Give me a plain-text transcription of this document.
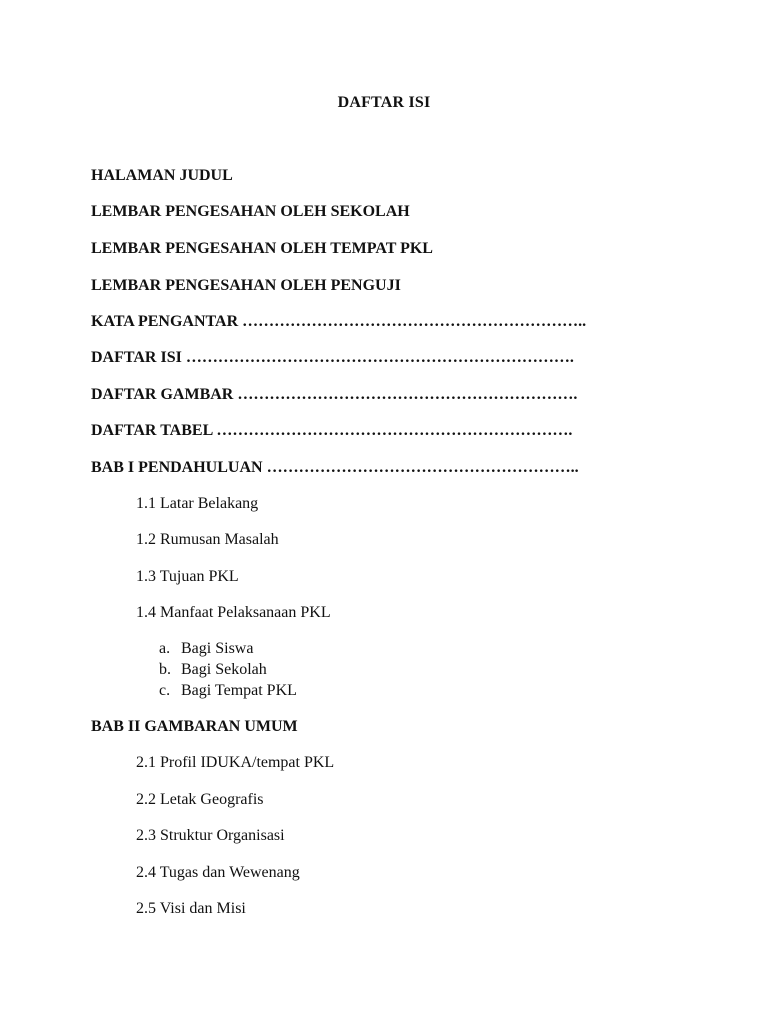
DAFTAR ISI
HALAMAN JUDUL
LEMBAR PENGESAHAN OLEH SEKOLAH
LEMBAR PENGESAHAN OLEH TEMPAT PKL
LEMBAR PENGESAHAN OLEH PENGUJI
KATA PENGANTAR ………………………………………………………..
DAFTAR ISI ……………………………………………………………….
DAFTAR GAMBAR ……………………………………………………….
DAFTAR TABEL ………………………………………………………….
BAB I PENDAHULUAN …………………………………………………..
1.1 Latar Belakang
1.2 Rumusan Masalah
1.3 Tujuan PKL
1.4 Manfaat Pelaksanaan PKL
a. Bagi Siswa
b. Bagi Sekolah
c. Bagi Tempat PKL
BAB II GAMBARAN UMUM
2.1 Profil IDUKA/tempat PKL
2.2 Letak Geografis
2.3 Struktur Organisasi
2.4 Tugas dan Wewenang
2.5 Visi dan Misi
